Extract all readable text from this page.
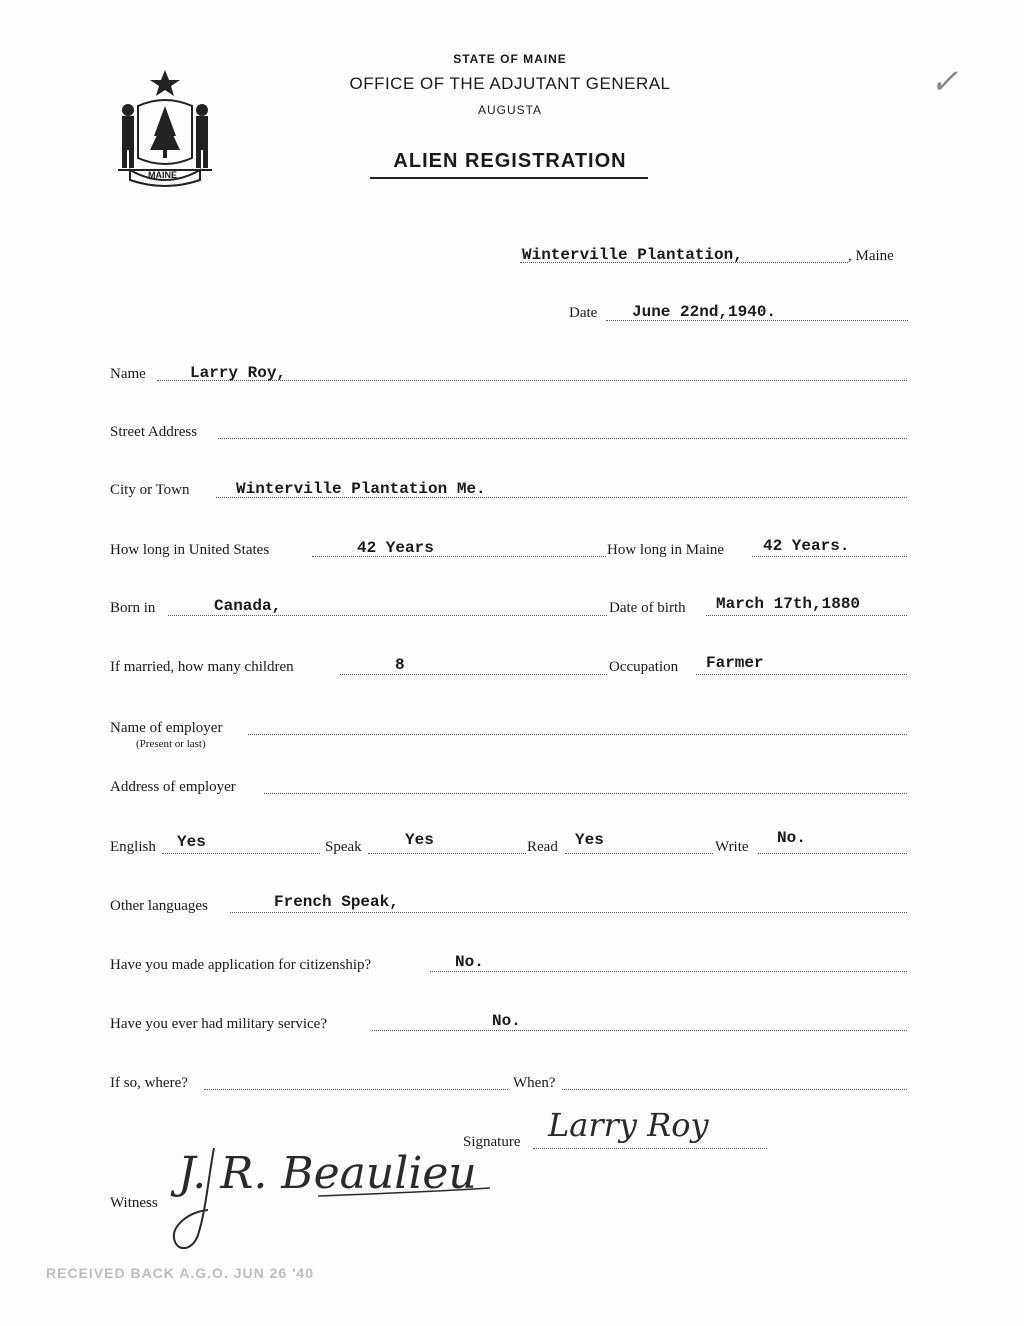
MAINE
STATE OF MAINE
OFFICE OF THE ADJUTANT GENERAL
AUGUSTA
ALIEN REGISTRATION
✓
Winterville Plantation,	, Maine
Date June 22nd,1940.
Name	Larry Roy,
Street Address
City or Town	Winterville Plantation Me.
How long in United States	42 Years	How long in Maine 42 Years.
Born in	Canada,	Date of birth March 17th,1880
If married, how many children	8	Occupation Farmer
Name of employer
(Present or last)
Address of employer
English Yes	Speak	Yes	Read Yes	Write No.
Other languages	French Speak,
Have you made application for citizenship?	No.
Have you ever had military service?	No.
If so, where?	When?
Signature Larry Roy
Witness
J. R. Beaulieu
RECEIVED BACK A.G.O. JUN 26 '40
